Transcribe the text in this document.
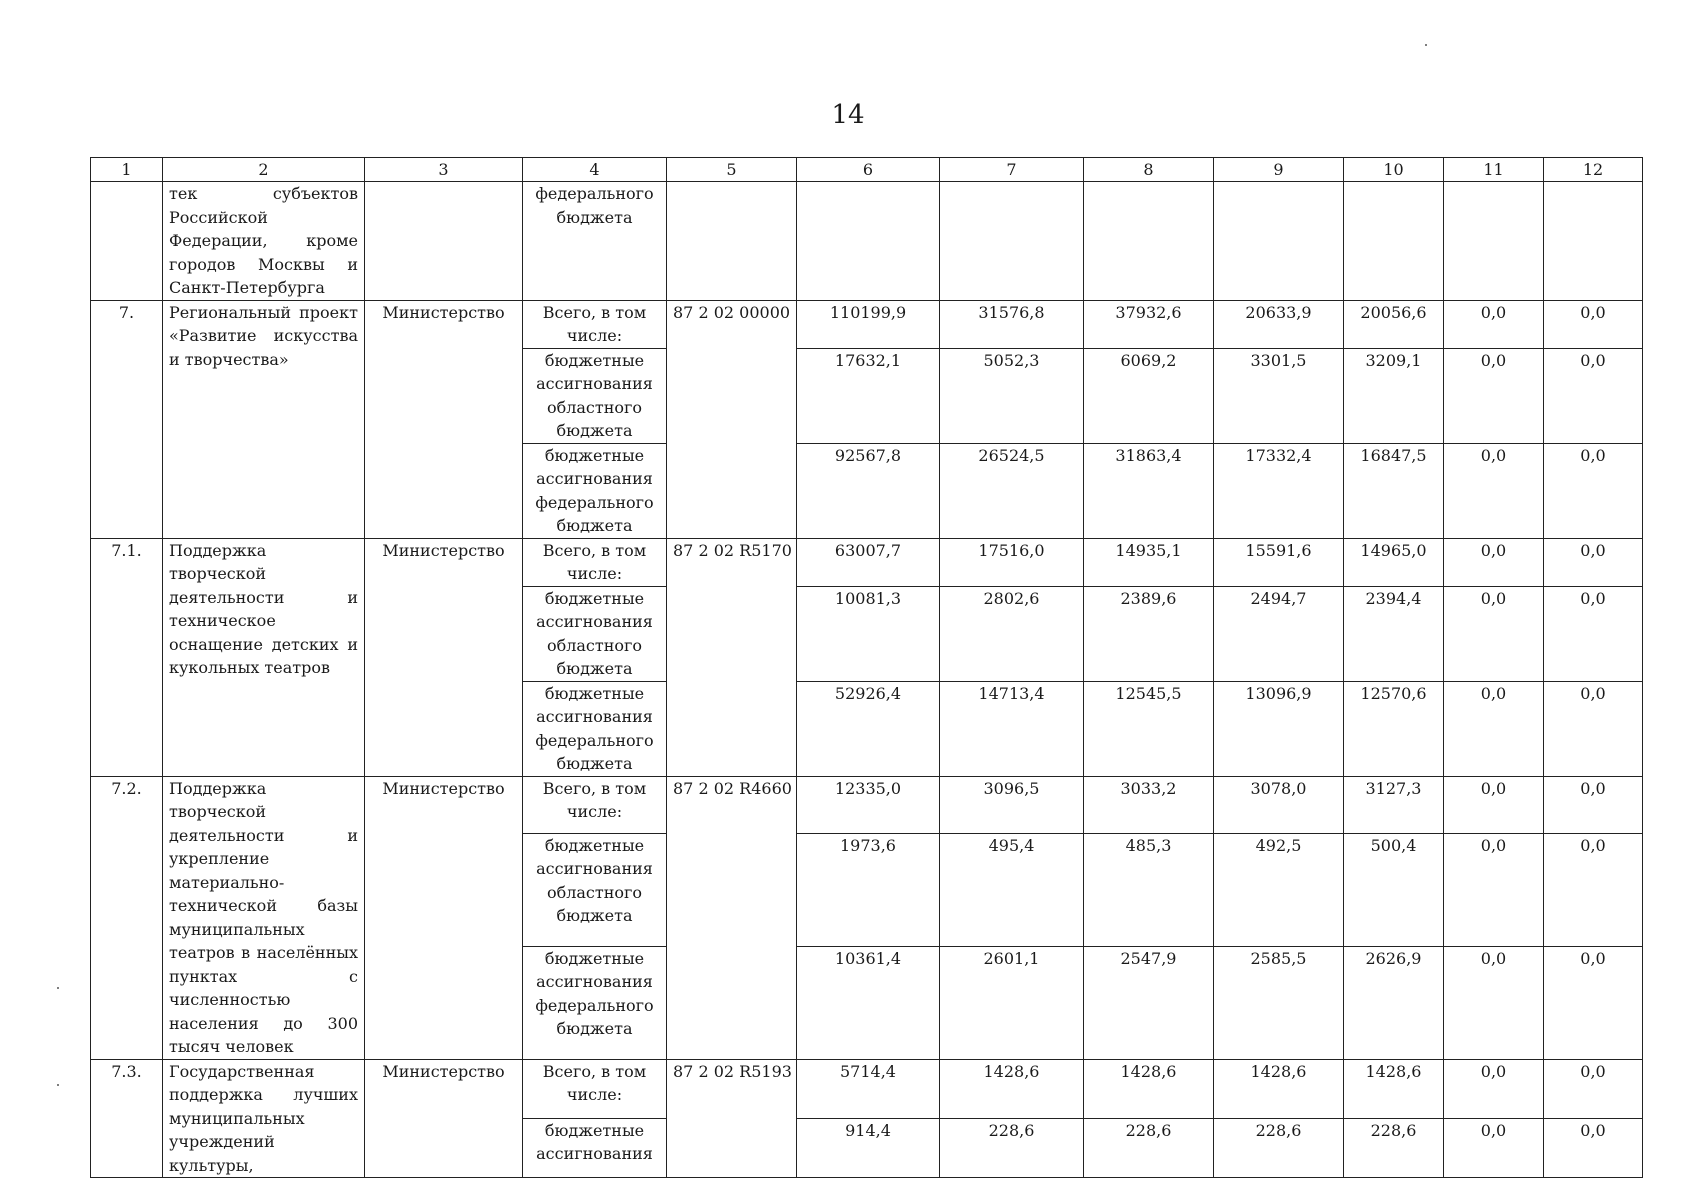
14
1	2	3	4	5	6	7	8	9	10	11	12
	тек субъектов Российской Федерации, кроме городов Москвы и Санкт-Петербурга		федерального бюджета								
7.	Региональный проект «Развитие искусства и творчества»	Министерство	Всего, в том числе:	87 2 02 00000	110199,9	31576,8	37932,6	20633,9	20056,6	0,0	0,0
			бюджетные ассигнования областного бюджета		17632,1	5052,3	6069,2	3301,5	3209,1	0,0	0,0
			бюджетные ассигнования федерального бюджета		92567,8	26524,5	31863,4	17332,4	16847,5	0,0	0,0
7.1.	Поддержка творческой деятельности и техническое оснащение детских и кукольных театров	Министерство	Всего, в том числе:	87 2 02 R5170	63007,7	17516,0	14935,1	15591,6	14965,0	0,0	0,0
			бюджетные ассигнования областного бюджета		10081,3	2802,6	2389,6	2494,7	2394,4	0,0	0,0
			бюджетные ассигнования федерального бюджета		52926,4	14713,4	12545,5	13096,9	12570,6	0,0	0,0
7.2.	Поддержка творческой деятельности и укрепление материально-технической базы муниципальных театров в населённых пунктах с численностью населения до 300 тысяч человек	Министерство	Всего, в том числе:	87 2 02 R4660	12335,0	3096,5	3033,2	3078,0	3127,3	0,0	0,0
			бюджетные ассигнования областного бюджета		1973,6	495,4	485,3	492,5	500,4	0,0	0,0
			бюджетные ассигнования федерального бюджета		10361,4	2601,1	2547,9	2585,5	2626,9	0,0	0,0
7.3.	Государственная поддержка лучших муниципальных учреждений культуры,	Министерство	Всего, в том числе:	87 2 02 R5193	5714,4	1428,6	1428,6	1428,6	1428,6	0,0	0,0
			бюджетные ассигнования		914,4	228,6	228,6	228,6	228,6	0,0	0,0
